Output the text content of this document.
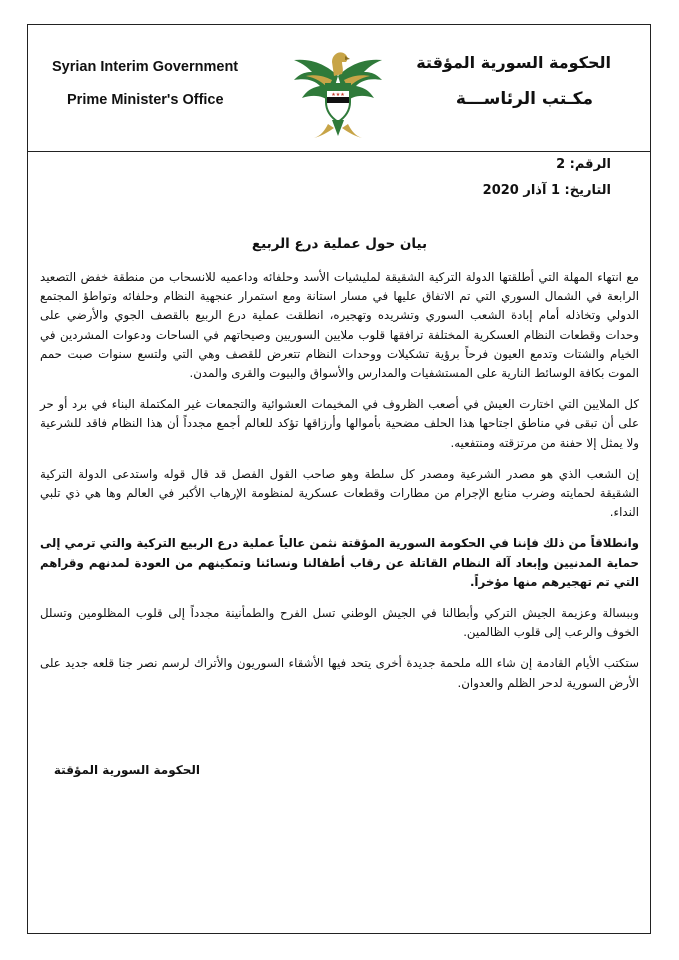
Syrian Interim Government
Prime Minister's Office	★★★
الحكومة السورية المؤقتة
مكـتب الرئاســـة
الرقم: 2
التاريخ: 1 آذار 2020
بيان حول عملية درع الربيع

مع انتهاء المهلة التي أطلقتها الدولة التركية الشقيقة لمليشيات الأسد وحلفائه وداعميه للانسحاب من منطقة خفض التصعيد الرابعة في الشمال السوري التي تم الاتفاق عليها في مسار استانة ومع استمرار عنجهية النظام وحلفائه وتواطؤ المجتمع الدولي وتخاذله أمام إبادة الشعب السوري وتشريده وتهجيره، انطلقت عملية درع الربيع بالقصف الجوي والأرضي على وحدات وقطعات النظام العسكرية المختلفة ترافقها قلوب ملايين السوريين وصيحاتهم في الساحات ودعوات المشردين في الخيام والشتات وتدمع العيون فرحاً برؤية تشكيلات ووحدات النظام تتعرض للقصف وهي التي ولتسع سنوات صبت حمم الموت بكافة الوسائط النارية على المستشفيات والمدارس والأسواق والبيوت والقرى والمدن.

كل الملايين التي اختارت العيش في أصعب الظروف في المخيمات العشوائية والتجمعات غير المكتملة البناء في برد أو حر على أن تبقى في مناطق اجتاحها هذا الحلف مضحية بأموالها وأرزاقها تؤكد للعالم أجمع مجدداً أن هذا النظام فاقد للشرعية ولا يمثل إلا حفنة من مرتزقته ومنتفعيه.

إن الشعب الذي هو مصدر الشرعية ومصدر كل سلطة وهو صاحب القول الفصل قد قال قوله واستدعى الدولة التركية الشقيقة لحمايته وضرب منابع الإجرام من مطارات وقطعات عسكرية لمنظومة الإرهاب الأكبر في العالم وها هي ذي تلبي النداء.

وانطلاقاً من ذلك فإننا في الحكومة السورية المؤقتة نثمن عالياً عملية درع الربيع التركية والتي ترمي إلى حماية المدنيين وإبعاد آلة النظام القاتلة عن رقاب أطفالنا ونسائنا وتمكينهم من العودة لمدنهم وقراهم التي تم تهجيرهم منها مؤخراً.

وببسالة وعزيمة الجيش التركي وأبطالنا في الجيش الوطني تسل الفرح والطمأنينة مجدداً إلى قلوب المظلومين وتسلل الخوف والرعب إلى قلوب الظالمين.

ستكتب الأيام القادمة إن شاء الله ملحمة جديدة أخرى يتحد فيها الأشقاء السوريون والأتراك لرسم نصر جنا قلعه جديد على الأرض السورية لدحر الظلم والعدوان.

الحكومة السورية المؤقتة
